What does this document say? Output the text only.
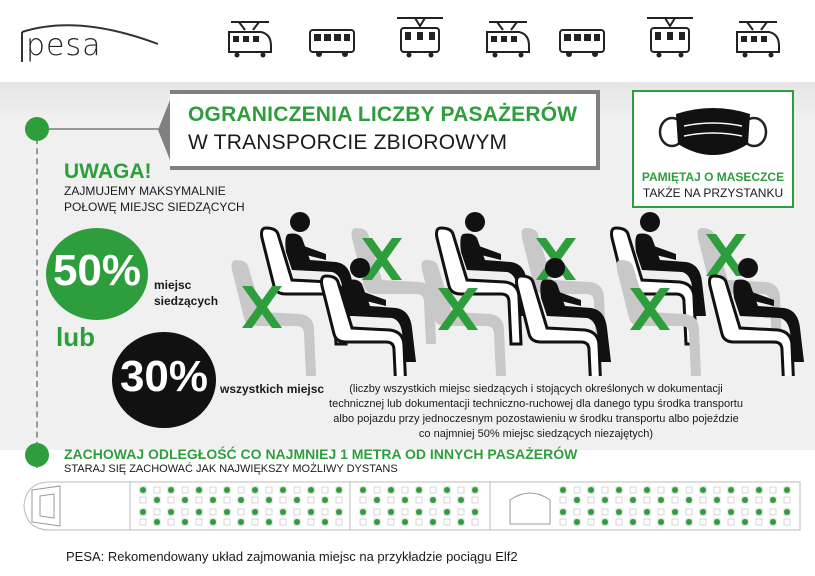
pesa
OGRANICZENIA LICZBY PASAŻERÓW
W TRANSPORCIE ZBIOROWYM
PAMIĘTAJ O MASECZCE
TAKŻE NA PRZYSTANKU
UWAGA!
ZAJMUJEMY MAKSYMALNIE
POŁOWĘ MIEJSC SIEDZĄCYCH
50%	miejsc
siedzących
lub
30% wszystkich miejsc	(liczby wszystkich miejsc siedzących i stojących określonych w dokumentacji technicznej lub dokumentacji techniczno-ruchowej dla danego typu środka transportu albo pojazdu przy jednoczesnym pozostawieniu w środku transportu albo pojeździe co najmniej 50% miejsc siedzących niezajętych)
ZACHOWAJ ODLEGŁOŚĆ CO NAJMNIEJ 1 METRA OD INNYCH PASAŻERÓW
STARAJ SIĘ ZACHOWAĆ JAK NAJWIĘKSZY MOŻLIWY DYSTANS
PESA: Rekomendowany układ zajmowania miejsc na przykładzie pociągu Elf2
